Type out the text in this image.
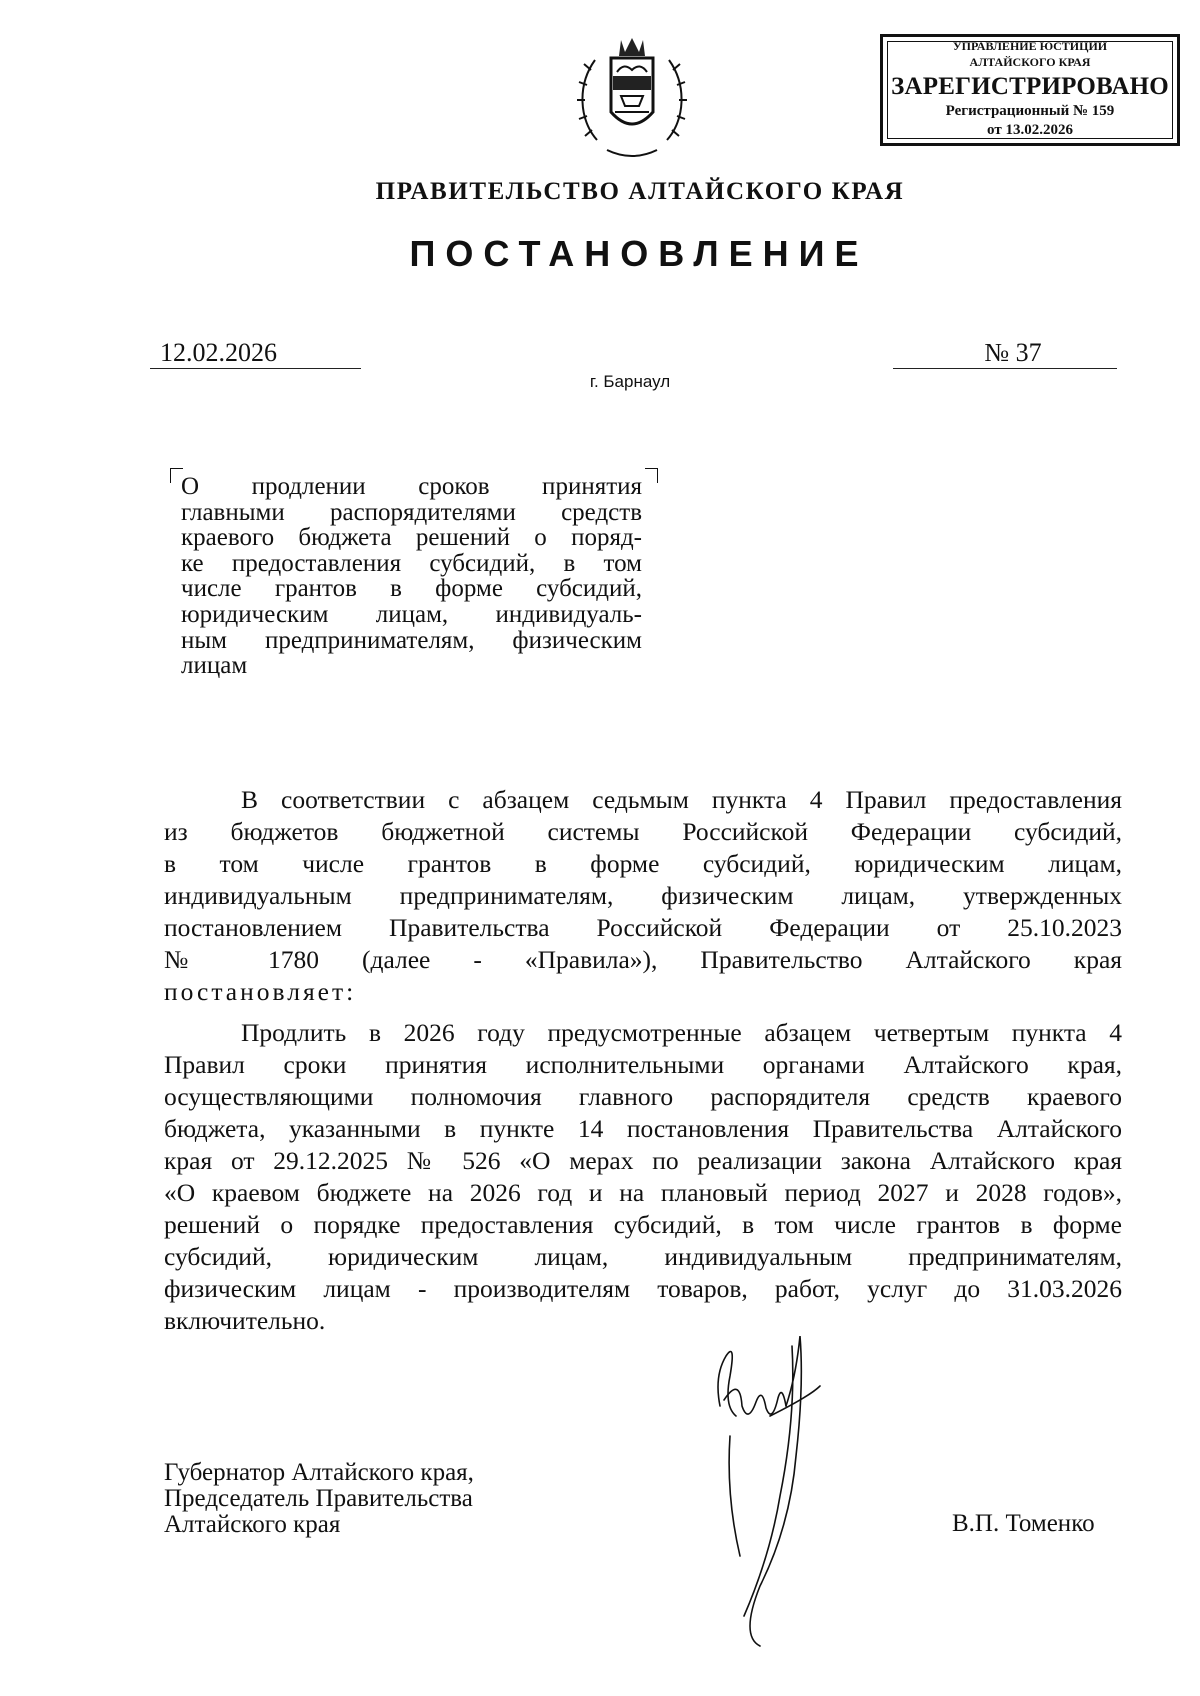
УПРАВЛЕНИЕ ЮСТИЦИИ
АЛТАЙСКОГО КРАЯ
ЗАРЕГИСТРИРОВАНО
Регистрационный № 159
от 13.02.2026
ПРАВИТЕЛЬСТВО АЛТАЙСКОГО КРАЯ
ПОСТАНОВЛЕНИЕ
12.02.2026	№ 37
г. Барнаул
О продлении сроков принятия
главными распорядителями средств
краевого бюджета решений о поряд-
ке предоставления субсидий, в том
числе грантов в форме субсидий,
юридическим лицам, индивидуаль-
ным предпринимателям, физическим
лицам
В соответствии с абзацем седьмым пункта 4 Правил предоставления
из бюджетов бюджетной системы Российской Федерации субсидий,
в том числе грантов в форме субсидий, юридическим лицам,
индивидуальным предпринимателям, физическим лицам, утвержденных
постановлением Правительства Российской Федерации от 25.10.2023
№ 1780 (далее - «Правила»), Правительство Алтайского края
постановляет:
Продлить в 2026 году предусмотренные абзацем четвертым пункта 4
Правил сроки принятия исполнительными органами Алтайского края,
осуществляющими полномочия главного распорядителя средств краевого
бюджета, указанными в пункте 14 постановления Правительства Алтайского
края от 29.12.2025 № 526 «О мерах по реализации закона Алтайского края
«О краевом бюджете на 2026 год и на плановый период 2027 и 2028 годов»,
решений о порядке предоставления субсидий, в том числе грантов в форме
субсидий, юридическим лицам, индивидуальным предпринимателям,
физическим лицам - производителям товаров, работ, услуг до 31.03.2026
включительно.
Губернатор Алтайского края,
Председатель Правительства
Алтайского края	В.П. Томенко
